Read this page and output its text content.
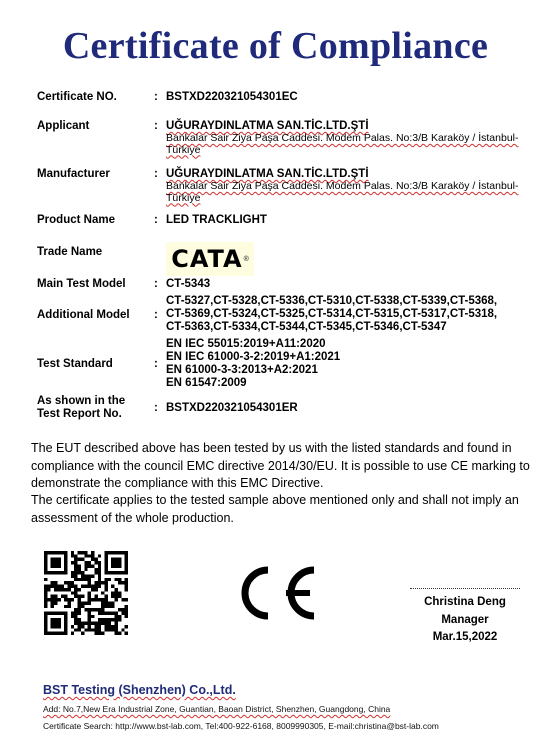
Certificate of Compliance
Certificate NO.	: BSTXD220321054301EC
Applicant	: UĞURAYDINLATMA SAN.TİC.LTD.ŞTİ
Bankalar Sair Ziya Paşa Caddesi. Modem Palas. No:3/B Karaköy / İstanbul-Türkiye
Manufacturer	: UĞURAYDINLATMA SAN.TİC.LTD.ŞTİ
Bankalar Sair Ziya Paşa Caddesi. Modem Palas. No:3/B Karaköy / İstanbul-Türkiye
Product Name	: LED TRACKLIGHT
Trade Name	CATA ®
Main Test Model : CT-5343
Additional Model :
CT-5327,CT-5328,CT-5336,CT-5310,CT-5338,CT-5339,CT-5368,
CT-5369,CT-5324,CT-5325,CT-5314,CT-5315,CT-5317,CT-5318,
CT-5363,CT-5334,CT-5344,CT-5345,CT-5346,CT-5347
Test Standard	:
EN IEC 55015:2019+A11:2020
EN IEC 61000-3-2:2019+A1:2021
EN 61000-3-3:2013+A2:2021
EN 61547:2009
As shown in the
Test Report No.	: BSTXD220321054301ER
The EUT described above has been tested by us with the listed standards and found in compliance with the council EMC directive 2014/30/EU. It is possible to use CE marking to demonstrate the compliance with this EMC Directive.
The certificate applies to the tested sample above mentioned only and shall not imply an assessment of the whole production.
Christina Deng
Manager
Mar.15,2022
BST Testing (Shenzhen) Co.,Ltd.
Add: No.7,New Era Industrial Zone, Guantian, Baoan District, Shenzhen, Guangdong, China
Certificate Search: http://www.bst-lab.com, Tel:400-922-6168, 8009990305, E-mail:christina@bst-lab.com
